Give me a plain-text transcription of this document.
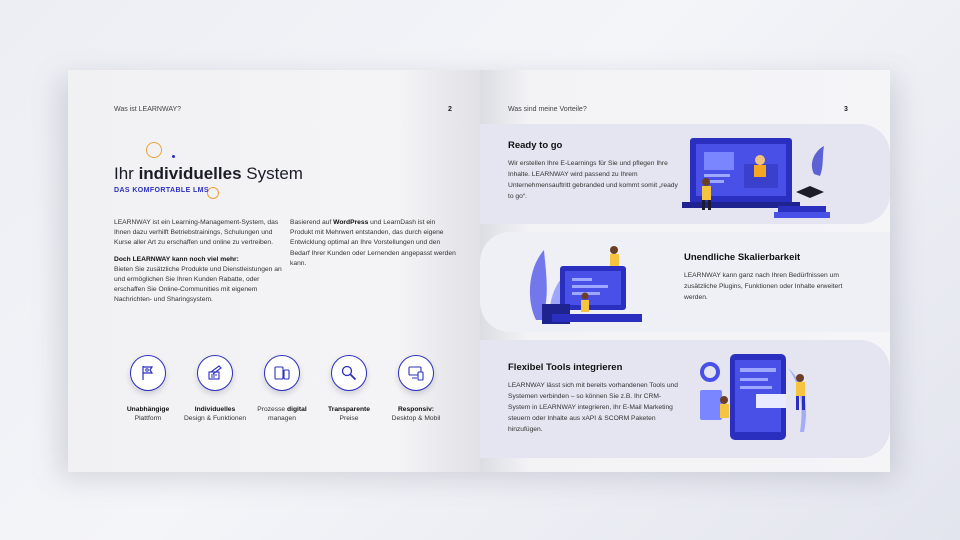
Was ist LEARNWAY?	2
Ihr individuelles System
DAS KOMFORTABLE LMS

LEARNWAY ist ein Learning-Management-System, das Ihnen dazu verhilft Betriebstrainings, Schulungen und Kurse aller Art zu erschaffen und online zu vertreiben.

Doch LEARNWAY kann noch viel mehr:
Bieten Sie zusätzliche Produkte und Dienstleistungen an und ermöglichen Sie Ihren Kunden Rabatte, oder erschaffen Sie Online-Communities mit eigenem Nachrichten- und Sharingsystem.

Basierend auf WordPress und LearnDash ist ein Produkt mit Mehrwert entstanden, das durch eigene Entwicklung optimal an Ihre Vorstellungen und den Bedarf Ihrer Kunden oder Lernenden angepasst werden kann.

Unabhängige
Plattform
Individuelles
Design & Funktionen
Prozesse digital
managen
Transparente
Preise
Responsiv:
Desktop & Mobil
Was sind meine Vorteile?	3
Ready to go
Wir erstellen Ihre E-Learnings für Sie und pflegen Ihre Inhalte. LEARNWAY wird passend zu Ihrem Unternehmensauftritt gebranded und kommt somit „ready to go“.
Unendliche Skalierbarkeit
LEARNWAY kann ganz nach Ihren Bedürfnissen um zusätzliche Plugins, Funktionen oder Inhalte erweitert werden.
Flexibel Tools integrieren
LEARNWAY lässt sich mit bereits vorhandenen Tools und Systemen verbinden – so können Sie z.B. Ihr CRM-System in LEARNWAY integrieren, Ihr E-Mail Marketing steuern oder Inhalte aus xAPI & SCORM Paketen hinzufügen.
